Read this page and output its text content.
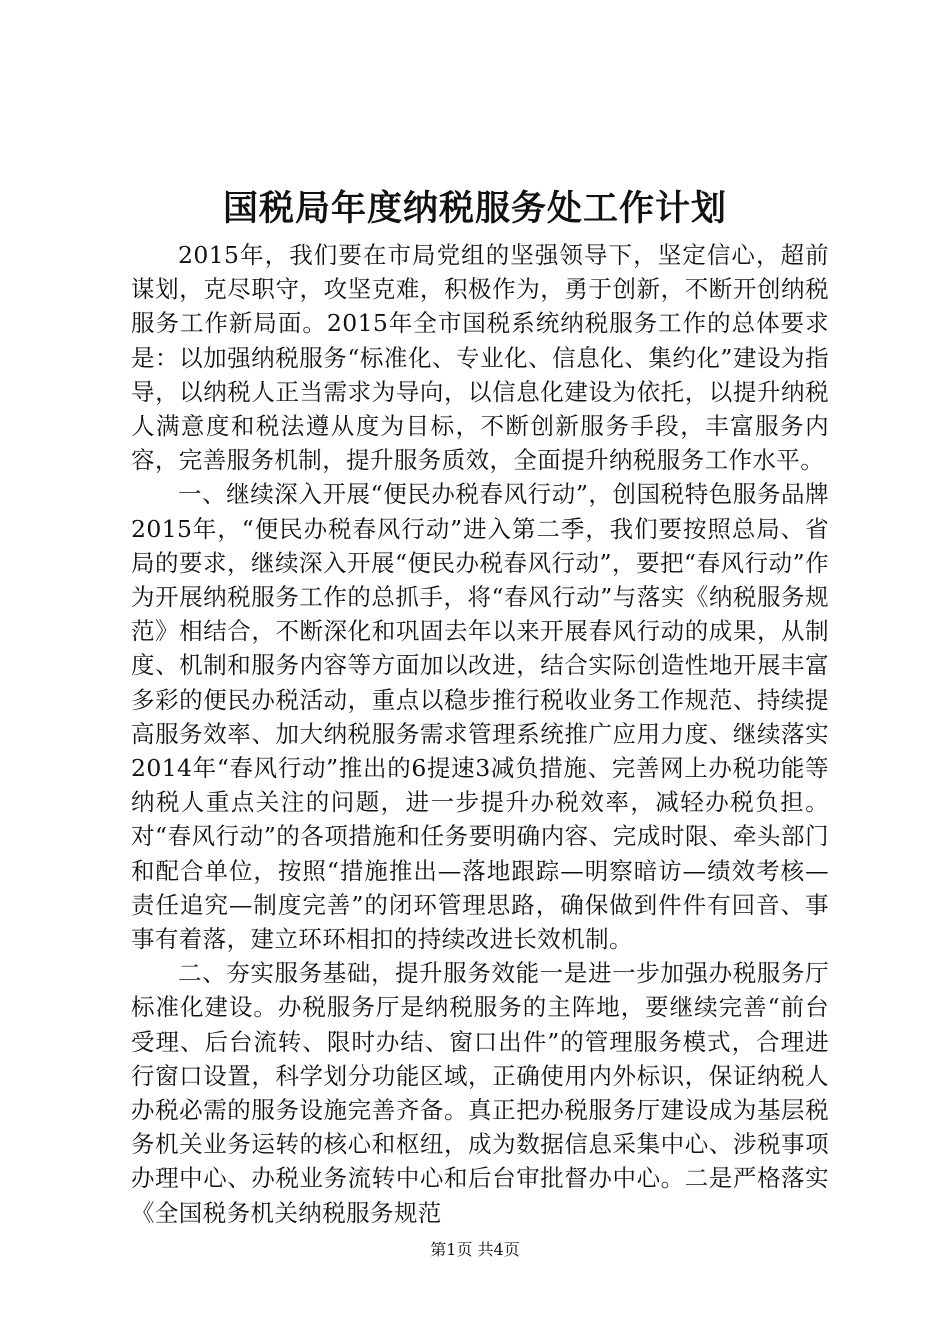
国税局年度纳税服务处工作计划

2015年，我们要在市局党组的坚强领导下，坚定信心，超前谋划，克尽职守，攻坚克难，积极作为，勇于创新，不断开创纳税服务工作新局面。2015年全市国税系统纳税服务工作的总体要求是：以加强纳税服务“标准化、专业化、信息化、集约化”建设为指导，以纳税人正当需求为导向，以信息化建设为依托，以提升纳税人满意度和税法遵从度为目标，不断创新服务手段，丰富服务内容，完善服务机制，提升服务质效，全面提升纳税服务工作水平。

一、继续深入开展“便民办税春风行动”，创国税特色服务品牌2015年，“便民办税春风行动”进入第二季，我们要按照总局、省局的要求，继续深入开展“便民办税春风行动”，要把“春风行动”作为开展纳税服务工作的总抓手，将“春风行动”与落实《纳税服务规范》相结合，不断深化和巩固去年以来开展春风行动的成果，从制度、机制和服务内容等方面加以改进，结合实际创造性地开展丰富多彩的便民办税活动，重点以稳步推行税收业务工作规范、持续提高服务效率、加大纳税服务需求管理系统推广应用力度、继续落实2014年“春风行动”推出的6提速3减负措施、完善网上办税功能等纳税人重点关注的问题，进一步提升办税效率，减轻办税负担。对“春风行动”的各项措施和任务要明确内容、完成时限、牵头部门和配合单位，按照“措施推出—落地跟踪—明察暗访—绩效考核—责任追究—制度完善”的闭环管理思路，确保做到件件有回音、事事有着落，建立环环相扣的持续改进长效机制。

二、夯实服务基础，提升服务效能一是进一步加强办税服务厅标准化建设。办税服务厅是纳税服务的主阵地，要继续完善“前台受理、后台流转、限时办结、窗口出件”的管理服务模式，合理进行窗口设置，科学划分功能区域，正确使用内外标识，保证纳税人办税必需的服务设施完善齐备。真正把办税服务厅建设成为基层税务机关业务运转的核心和枢纽，成为数据信息采集中心、涉税事项办理中心、办税业务流转中心和后台审批督办中心。二是严格落实《全国税务机关纳税服务规范

第1页 共4页
